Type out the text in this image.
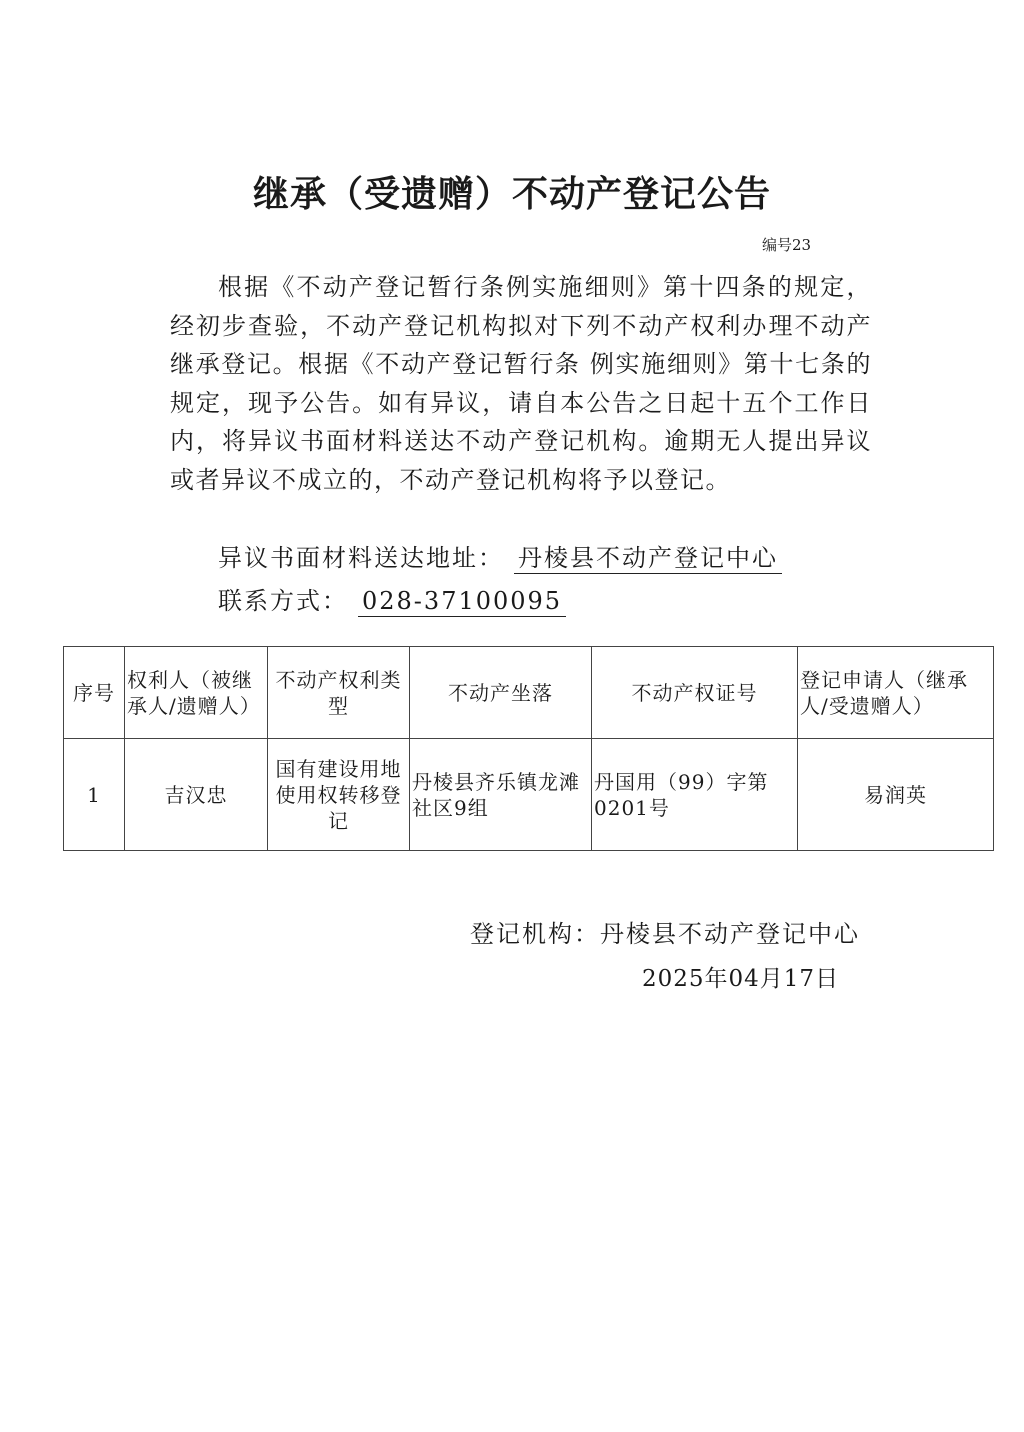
继承（受遗赠）不动产登记公告
编号23
根据《不动产登记暂行条例实施细则》第十四条的规定，经初步查验，不动产登记机构拟对下列不动产权利办理不动产继承登记。根据《不动产登记暂行条 例实施细则》第十七条的规定，现予公告。如有异议，请自本公告之日起十五个工作日内，将异议书面材料送达不动产登记机构。逾期无人提出异议或者异议不成立的，不动产登记机构将予以登记。
异议书面材料送达地址： 丹棱县不动产登记中心
联系方式： 028-37100095
序号	权利人（被继承人/遗赠人）	不动产权利类型	不动产坐落	不动产权证号	登记申请人（继承人/受遗赠人）
1	吉汉忠	国有建设用地使用权转移登记	丹棱县齐乐镇龙滩社区9组	丹国用（99）字第0201号	易润英
登记机构：丹棱县不动产登记中心
2025年04月17日
